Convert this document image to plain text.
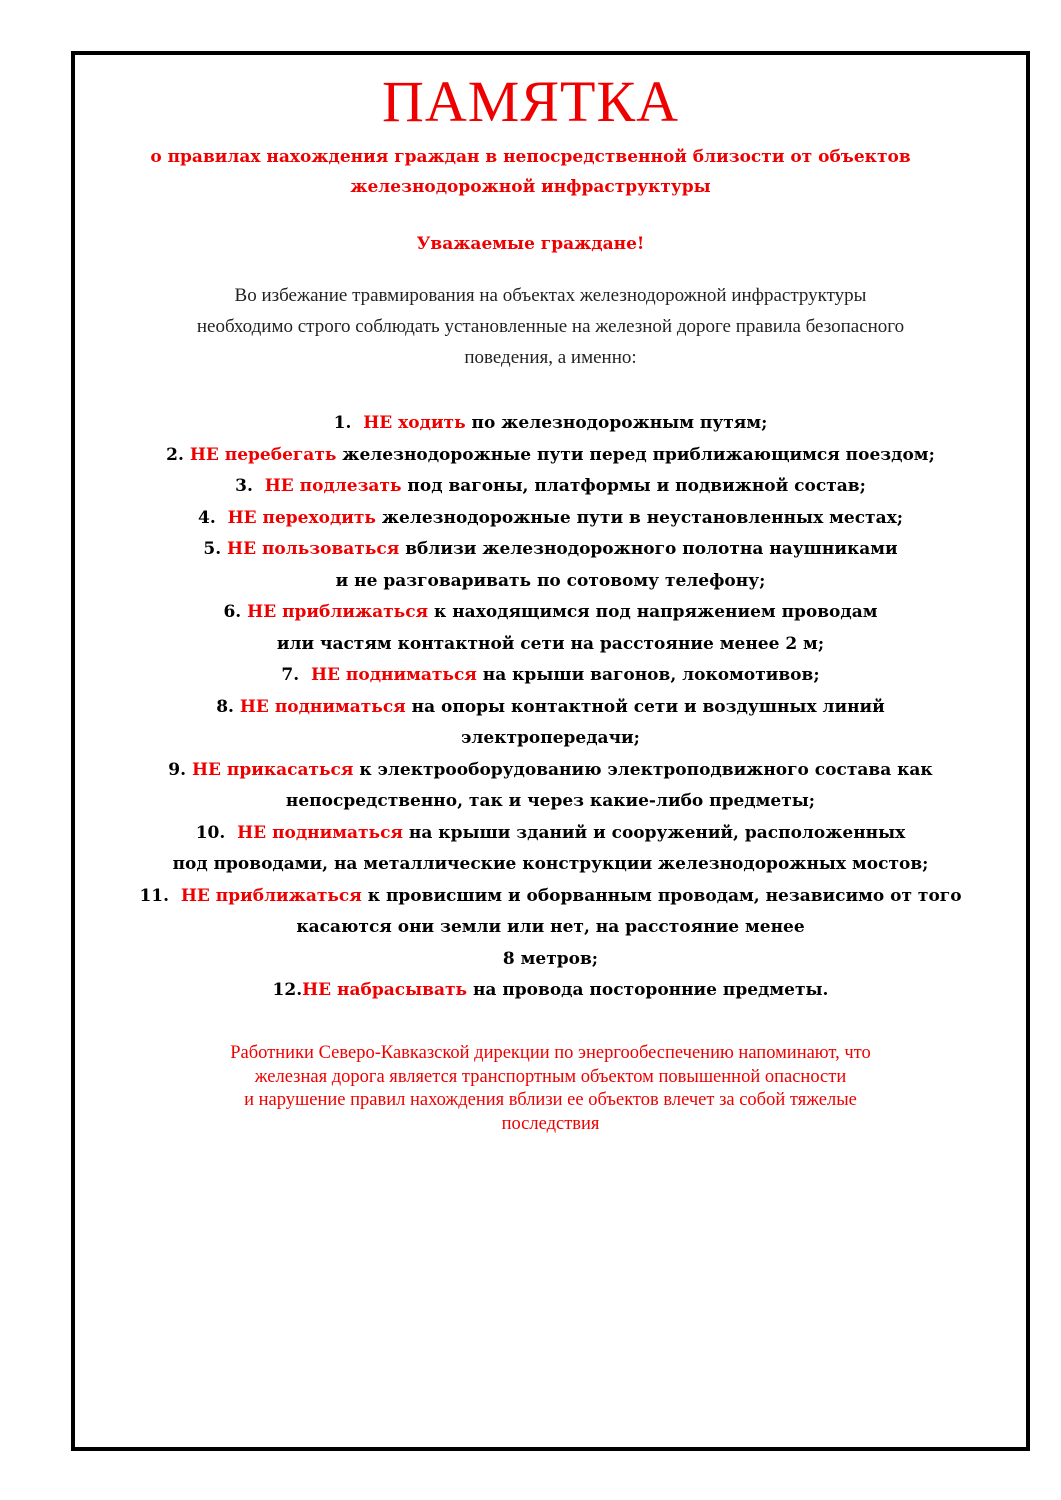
ПАМЯТКА
о правилах нахождения граждан в непосредственной близости от объектов
железнодорожной инфраструктуры
Уважаемые граждане!
Во избежание травмирования на объектах железнодорожной инфраструктуры
необходимо строго соблюдать установленные на железной дороге правила безопасного
поведения, а именно:
1. НЕ ходить по железнодорожным путям;
2. НЕ перебегать железнодорожные пути перед приближающимся поездом;
3. НЕ подлезать под вагоны, платформы и подвижной состав;
4. НЕ переходить железнодорожные пути в неустановленных местах;
5. НЕ пользоваться вблизи железнодорожного полотна наушниками
и не разговаривать по сотовому телефону;
6. НЕ приближаться к находящимся под напряжением проводам
или частям контактной сети на расстояние менее 2 м;
7. НЕ подниматься на крыши вагонов, локомотивов;
8. НЕ подниматься на опоры контактной сети и воздушных линий
электропередачи;
9. НЕ прикасаться к электрооборудованию электроподвижного состава как
непосредственно, так и через какие-либо предметы;
10. НЕ подниматься на крыши зданий и сооружений, расположенных
под проводами, на металлические конструкции железнодорожных мостов;
11. НЕ приближаться к провисшим и оборванным проводам, независимо от того
касаются они земли или нет, на расстояние менее
8 метров;
12.НЕ набрасывать на провода посторонние предметы.
Работники Северо-Кавказской дирекции по энергообеспечению напоминают, что
железная дорога является транспортным объектом повышенной опасности
и нарушение правил нахождения вблизи ее объектов влечет за собой тяжелые
последствия
